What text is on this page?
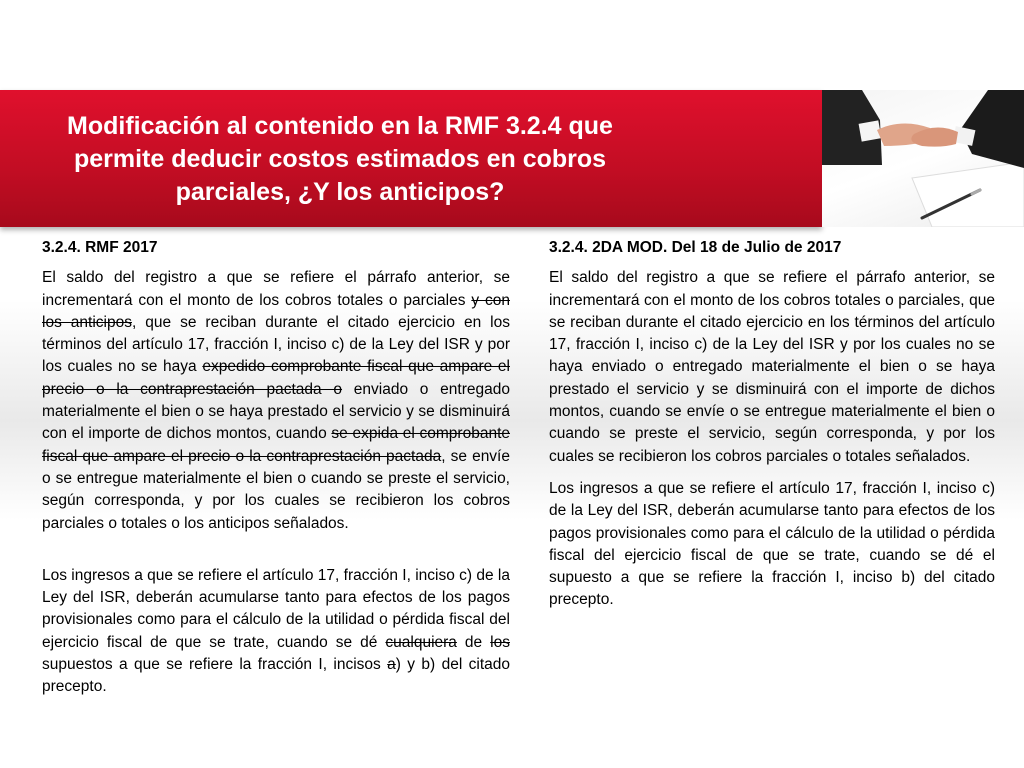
Modificación al contenido en la RMF 3.2.4 que
permite deducir costos estimados en cobros
parciales, ¿Y los anticipos?

3.2.4. RMF 2017

El saldo del registro a que se refiere el párrafo anterior, se incrementará con el monto de los cobros totales o parciales y con los anticipos, que se reciban durante el citado ejercicio en los términos del artículo 17, fracción I, inciso c) de la Ley del ISR y por los cuales no se haya expedido comprobante fiscal que ampare el precio o la contraprestación pactada o enviado o entregado materialmente el bien o se haya prestado el servicio y se disminuirá con el importe de dichos montos, cuando se expida el comprobante fiscal que ampare el precio o la contraprestación pactada, se envíe o se entregue materialmente el bien o cuando se preste el servicio, según corresponda, y por los cuales se recibieron los cobros parciales o totales o los anticipos señalados.

Los ingresos a que se refiere el artículo 17, fracción I, inciso c) de la Ley del ISR, deberán acumularse tanto para efectos de los pagos provisionales como para el cálculo de la utilidad o pérdida fiscal del ejercicio fiscal de que se trate, cuando se dé cualquiera de los supuestos a que se refiere la fracción I, incisos a) y b) del citado precepto.

3.2.4. 2DA MOD. Del 18 de Julio de 2017

El saldo del registro a que se refiere el párrafo anterior, se incrementará con el monto de los cobros totales o parciales, que se reciban durante el citado ejercicio en los términos del artículo 17, fracción I, inciso c) de la Ley del ISR y por los cuales no se haya enviado o entregado materialmente el bien o se haya prestado el servicio y se disminuirá con el importe de dichos montos, cuando se envíe o se entregue materialmente el bien o cuando se preste el servicio, según corresponda, y por los cuales se recibieron los cobros parciales o totales señalados.

Los ingresos a que se refiere el artículo 17, fracción I, inciso c) de la Ley del ISR, deberán acumularse tanto para efectos de los pagos provisionales como para el cálculo de la utilidad o pérdida fiscal del ejercicio fiscal de que se trate, cuando se dé el supuesto a que se refiere la fracción I, inciso b) del citado precepto.
